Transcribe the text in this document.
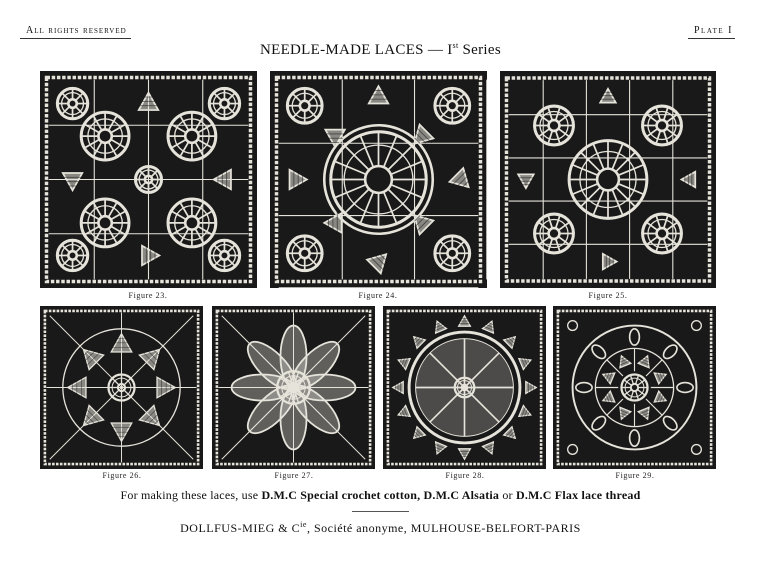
All rights reserved	Plate I
NEEDLE-MADE LACES — Ist Series
Figure 23.	Figure 24.	Figure 25.
Figure 26.	Figure 27.	Figure 28.	Figure 29.
For making these laces, use D.M.C Special crochet cotton, D.M.C Alsatia or D.M.C Flax lace thread
DOLLFUS-MIEG & $C^{ie}$, Société anonyme, MULHOUSE-BELFORT-PARIS
